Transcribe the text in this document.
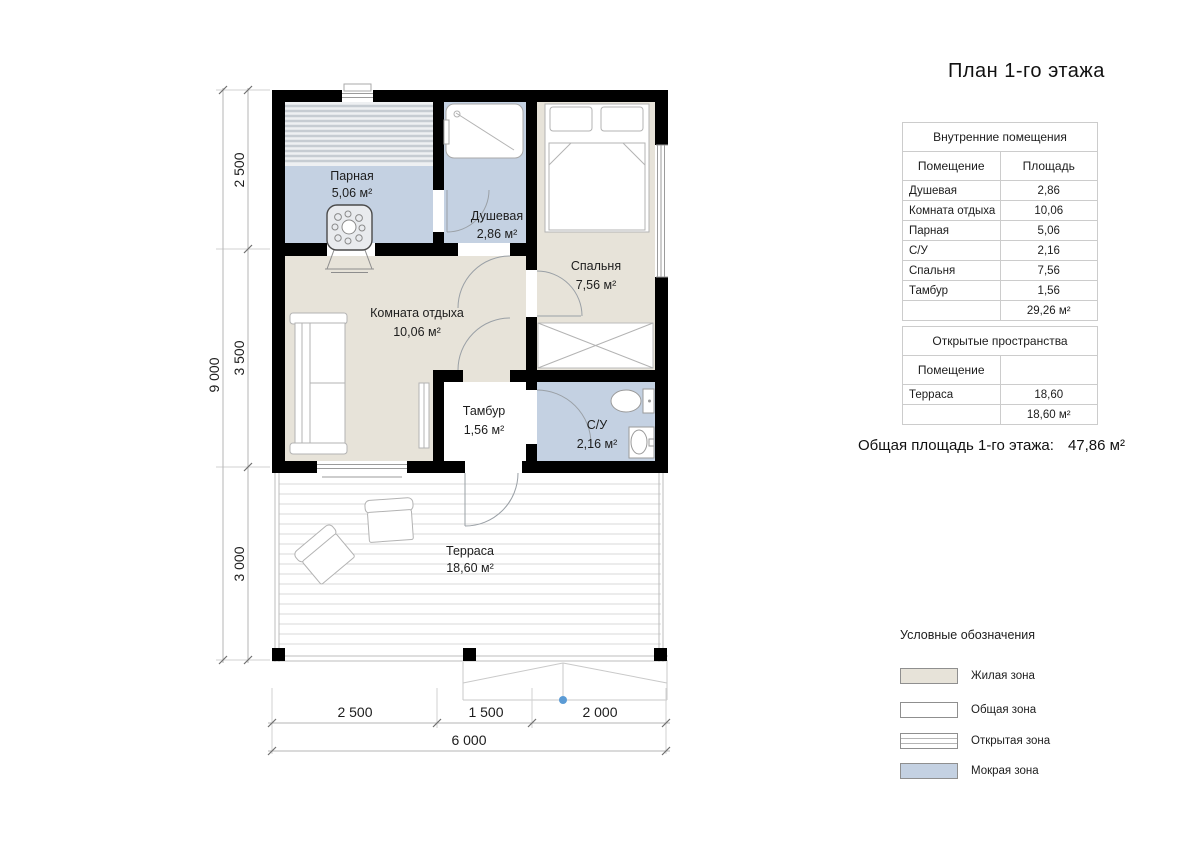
Парная
5,06 м²
Душевая
2,86 м²
Спальня
7,56 м²
Комната отдыха
10,06 м²
Тамбур
1,56 м²	С/У
2,16 м²
Терраса
18,60 м²
2 500
3 500
3 000
9 000
2 500	1 500	2 000
6 000
План 1-го этажа
Внутренние помещения	
Помещение	Площадь
Душевая	2,86
Комната отдыха	10,06
Парная	5,06
С/У	2,16
Спальня	7,56
Тамбур	1,56
	29,26 м²
Открытые пространства	
Помещение	
Терраса	18,60
	18,60 м²
Общая площадь 1-го этажа: 47,86 м²
Условные обозначения
Жилая зона
Общая зона
Открытая зона
Мокрая зона
